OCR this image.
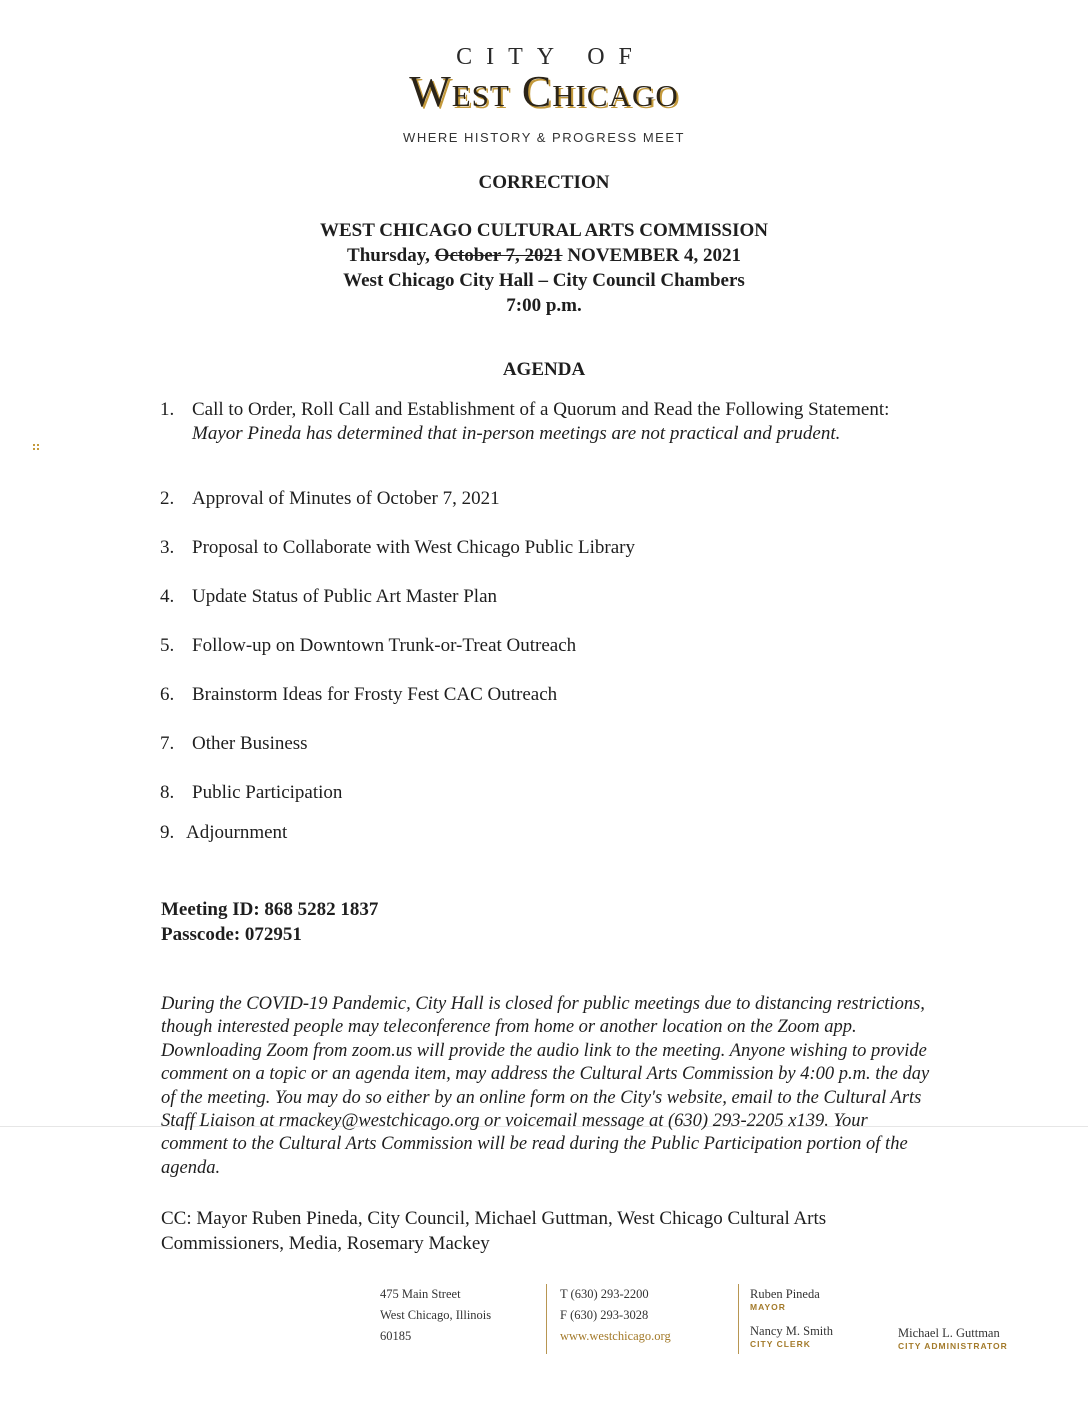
CITY OF
West Chicago
WHERE HISTORY & PROGRESS MEET
CORRECTION
WEST CHICAGO CULTURAL ARTS COMMISSION
Thursday, October 7, 2021 NOVEMBER 4, 2021
West Chicago City Hall – City Council Chambers
7:00 p.m.
AGENDA
1. Call to Order, Roll Call and Establishment of a Quorum and Read the Following Statement: Mayor Pineda has determined that in-person meetings are not practical and prudent.
2. Approval of Minutes of October 7, 2021
3. Proposal to Collaborate with West Chicago Public Library
4. Update Status of Public Art Master Plan
5. Follow-up on Downtown Trunk-or-Treat Outreach
6. Brainstorm Ideas for Frosty Fest CAC Outreach
7. Other Business
8. Public Participation
9. Adjournment
Meeting ID: 868 5282 1837
Passcode: 072951
During the COVID-19 Pandemic, City Hall is closed for public meetings due to distancing restrictions, though interested people may teleconference from home or another location on the Zoom app. Downloading Zoom from zoom.us will provide the audio link to the meeting. Anyone wishing to provide comment on a topic or an agenda item, may address the Cultural Arts Commission by 4:00 p.m. the day of the meeting. You may do so either by an online form on the City's website, email to the Cultural Arts Staff Liaison at rmackey@westchicago.org or voicemail message at (630) 293-2205 x139. Your comment to the Cultural Arts Commission will be read during the Public Participation portion of the agenda.
CC: Mayor Ruben Pineda, City Council, Michael Guttman, West Chicago Cultural Arts Commissioners, Media, Rosemary Mackey
475 Main Street
West Chicago, Illinois
60185
T (630) 293-2200
F (630) 293-3028
www.westchicago.org
Ruben Pineda
MAYOR
Nancy M. Smith
CITY CLERK
Michael L. Guttman
CITY ADMINISTRATOR
